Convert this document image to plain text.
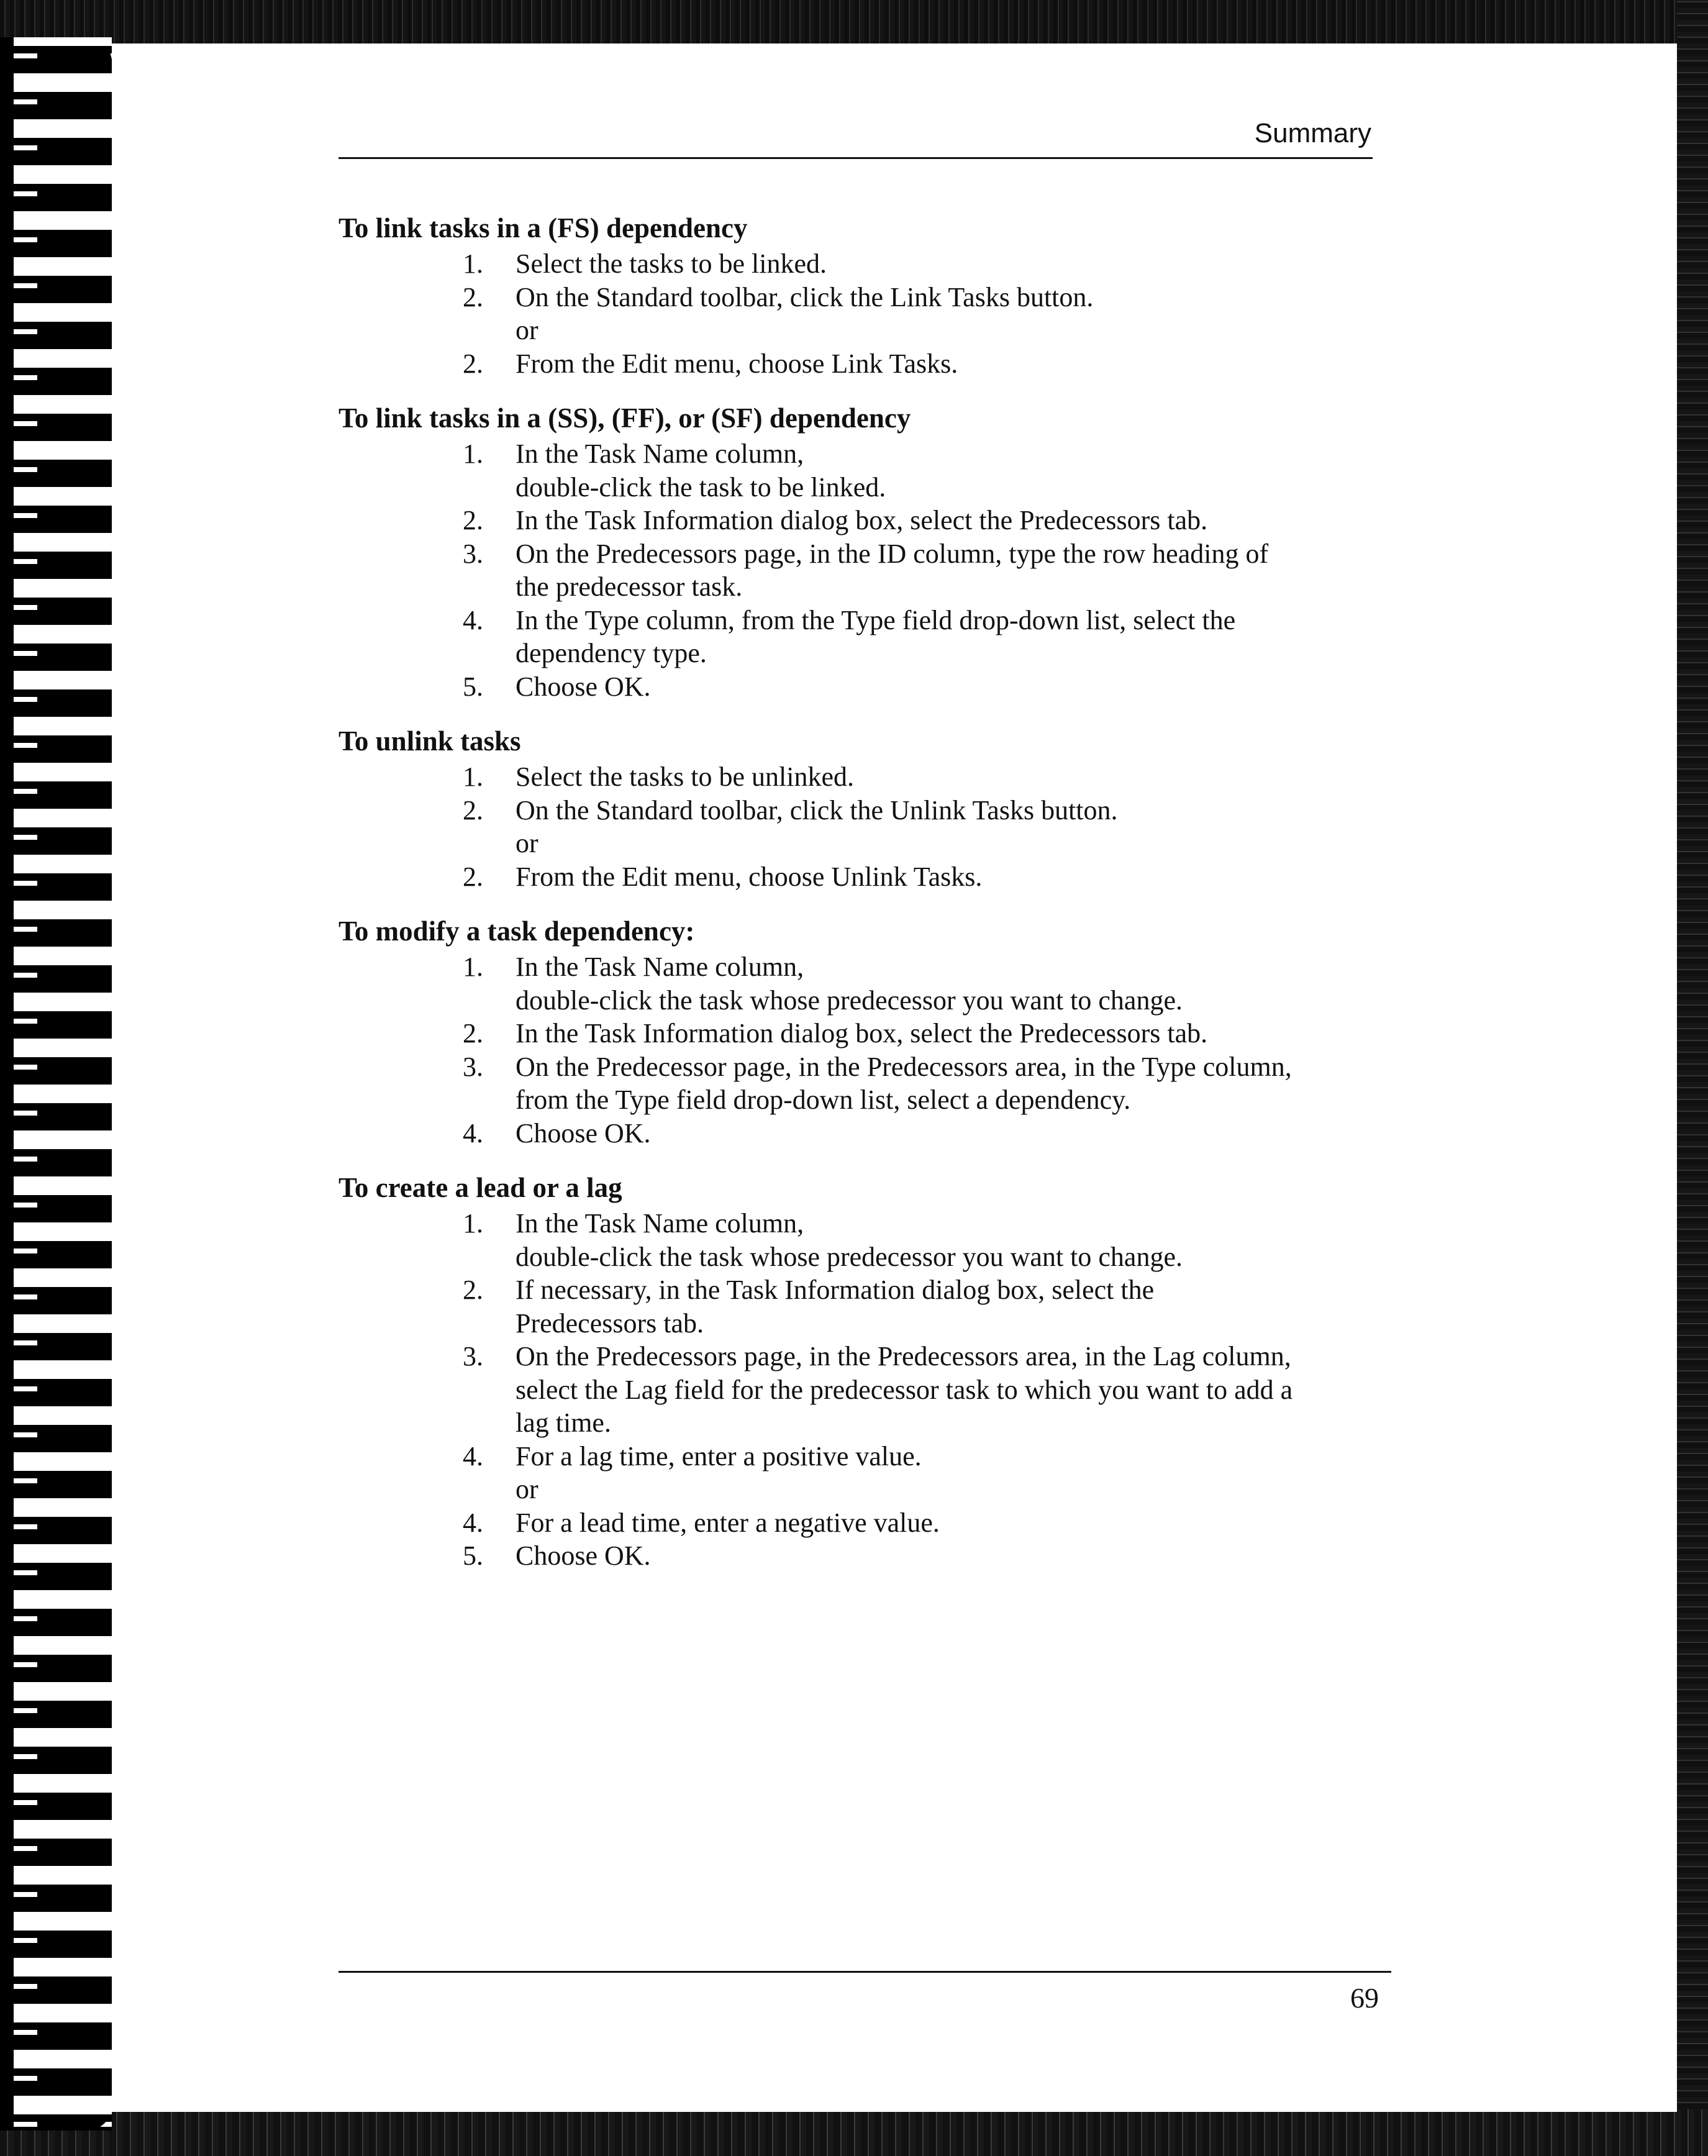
Summary
To link tasks in a (FS) dependency
1.	Select the tasks to be linked.
2.	On the Standard toolbar, click the Link Tasks button.
or
2.	From the Edit menu, choose Link Tasks.
To link tasks in a (SS), (FF), or (SF) dependency
1.	In the Task Name column,
double-click the task to be linked.
2.	In the Task Information dialog box, select the Predecessors tab.
3.	On the Predecessors page, in the ID column, type the row heading of
the predecessor task.
4.	In the Type column, from the Type field drop-down list, select the
dependency type.
5.	Choose OK.
To unlink tasks
1.	Select the tasks to be unlinked.
2.	On the Standard toolbar, click the Unlink Tasks button.
or
2.	From the Edit menu, choose Unlink Tasks.
To modify a task dependency:
1.	In the Task Name column,
double-click the task whose predecessor you want to change.
2.	In the Task Information dialog box, select the Predecessors tab.
3.	On the Predecessor page, in the Predecessors area, in the Type column,
from the Type field drop-down list, select a dependency.
4.	Choose OK.
To create a lead or a lag
1.	In the Task Name column,
double-click the task whose predecessor you want to change.
2.	If necessary, in the Task Information dialog box, select the
Predecessors tab.
3.	On the Predecessors page, in the Predecessors area, in the Lag column,
select the Lag field for the predecessor task to which you want to add a
lag time.
4.	For a lag time, enter a positive value.
or
4.	For a lead time, enter a negative value.
5.	Choose OK.
69
